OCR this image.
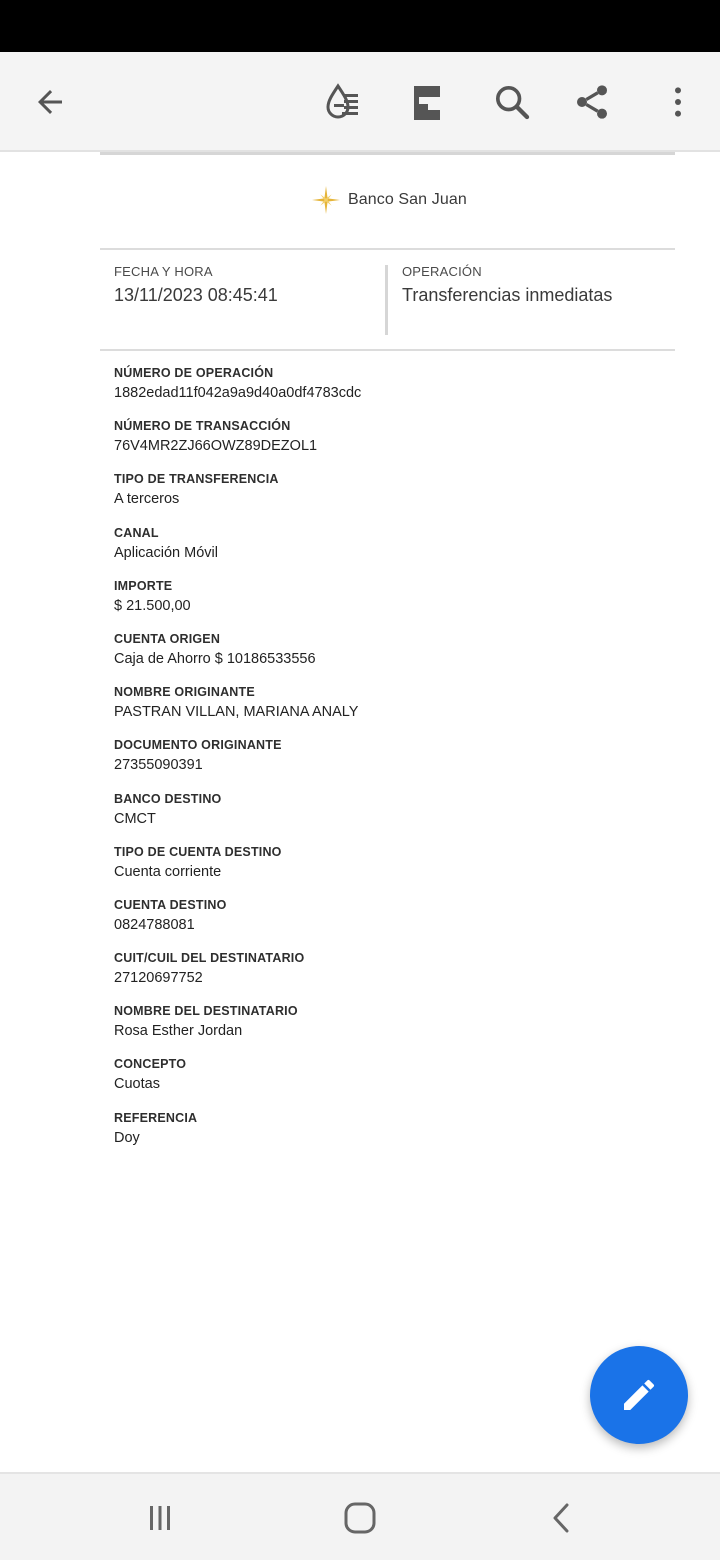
Banco San Juan
FECHA Y HORA
13/11/2023 08:45:41
OPERACIÓN
Transferencias inmediatas
NÚMERO DE OPERACIÓN
1882edad11f042a9a9d40a0df4783cdc
NÚMERO DE TRANSACCIÓN
76V4MR2ZJ66OWZ89DEZOL1
TIPO DE TRANSFERENCIA
A terceros
CANAL
Aplicación Móvil
IMPORTE
$ 21.500,00
CUENTA ORIGEN
Caja de Ahorro $ 10186533556
NOMBRE ORIGINANTE
PASTRAN VILLAN, MARIANA ANALY
DOCUMENTO ORIGINANTE
27355090391
BANCO DESTINO
CMCT
TIPO DE CUENTA DESTINO
Cuenta corriente
CUENTA DESTINO
0824788081
CUIT/CUIL DEL DESTINATARIO
27120697752
NOMBRE DEL DESTINATARIO
Rosa Esther Jordan
CONCEPTO
Cuotas
REFERENCIA
Doy
